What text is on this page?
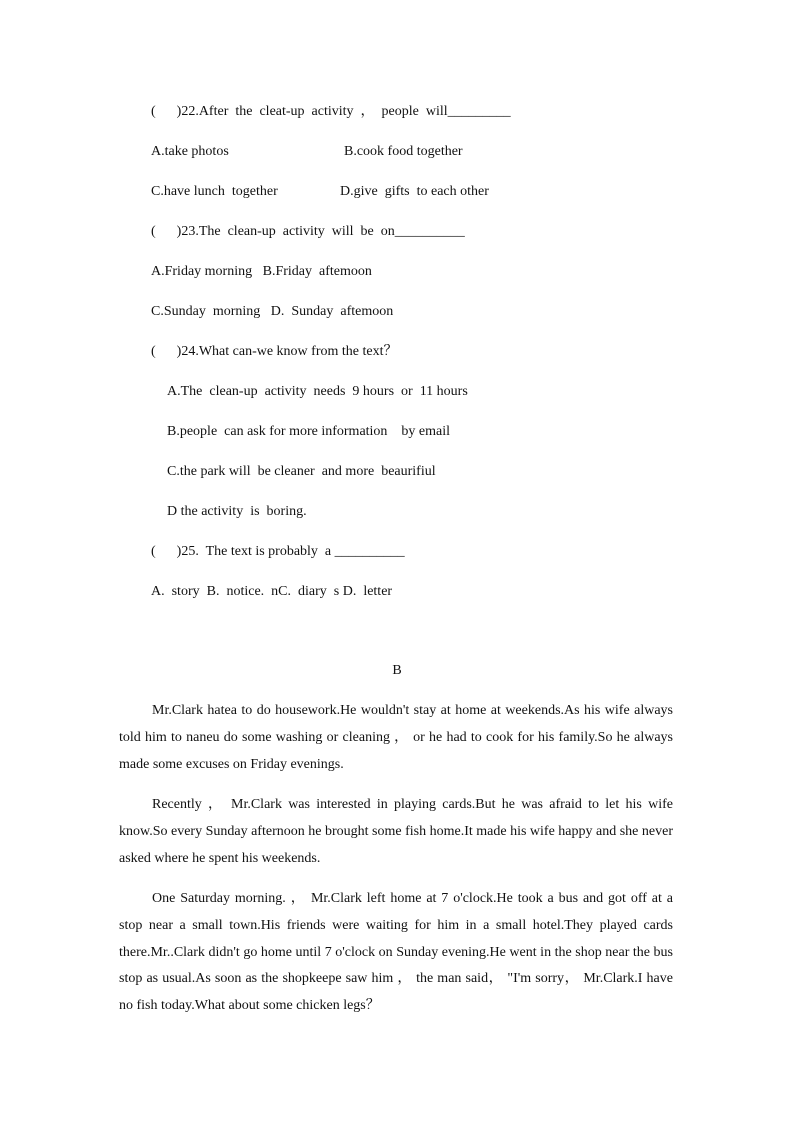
(      )22.After  the  cleat-up  activity  ，  people  will_________
A.take photos	B.cook food together
C.have lunch  together	D.give  gifts  to each other
(      )23.The  clean-up  activity  will  be  on__________
A.Friday morning   B.Friday  aftemoon
C.Sunday  morning   D.  Sunday  aftemoon
(      )24.What can-we know from the text？
A.The  clean-up  activity  needs  9 hours  or  11 hours
B.people  can ask for more information    by email
C.the park will  be cleaner  and more  beaurifiul
D the activity  is  boring.
(      )25.  The text is probably  a __________
A.  story  B.  notice.  nC.  diary  s D.  letter
B

Mr.Clark hatea to do housework.He wouldn't stay at home at weekends.As his wife always told him to naneu do some washing or cleaning ， or he had to cook for his family.So he always made some excuses on Friday evenings.

Recently ， Mr.Clark was interested in playing cards.But he was afraid to let his wife know.So every Sunday afternoon he brought some fish home.It made his wife happy and she never asked where he spent his weekends.

One Saturday morning. ， Mr.Clark left home at 7 o'clock.He took a bus and got off at a stop near a small town.His friends were waiting for him in a small hotel.They played cards there.Mr..Clark didn't go home until 7 o'clock on Sunday evening.He went in the shop near the bus stop as usual.As soon as the shopkeepe saw him ， the man said， "I'm sorry， Mr.Clark.I have no fish today.What about some chicken legs？
